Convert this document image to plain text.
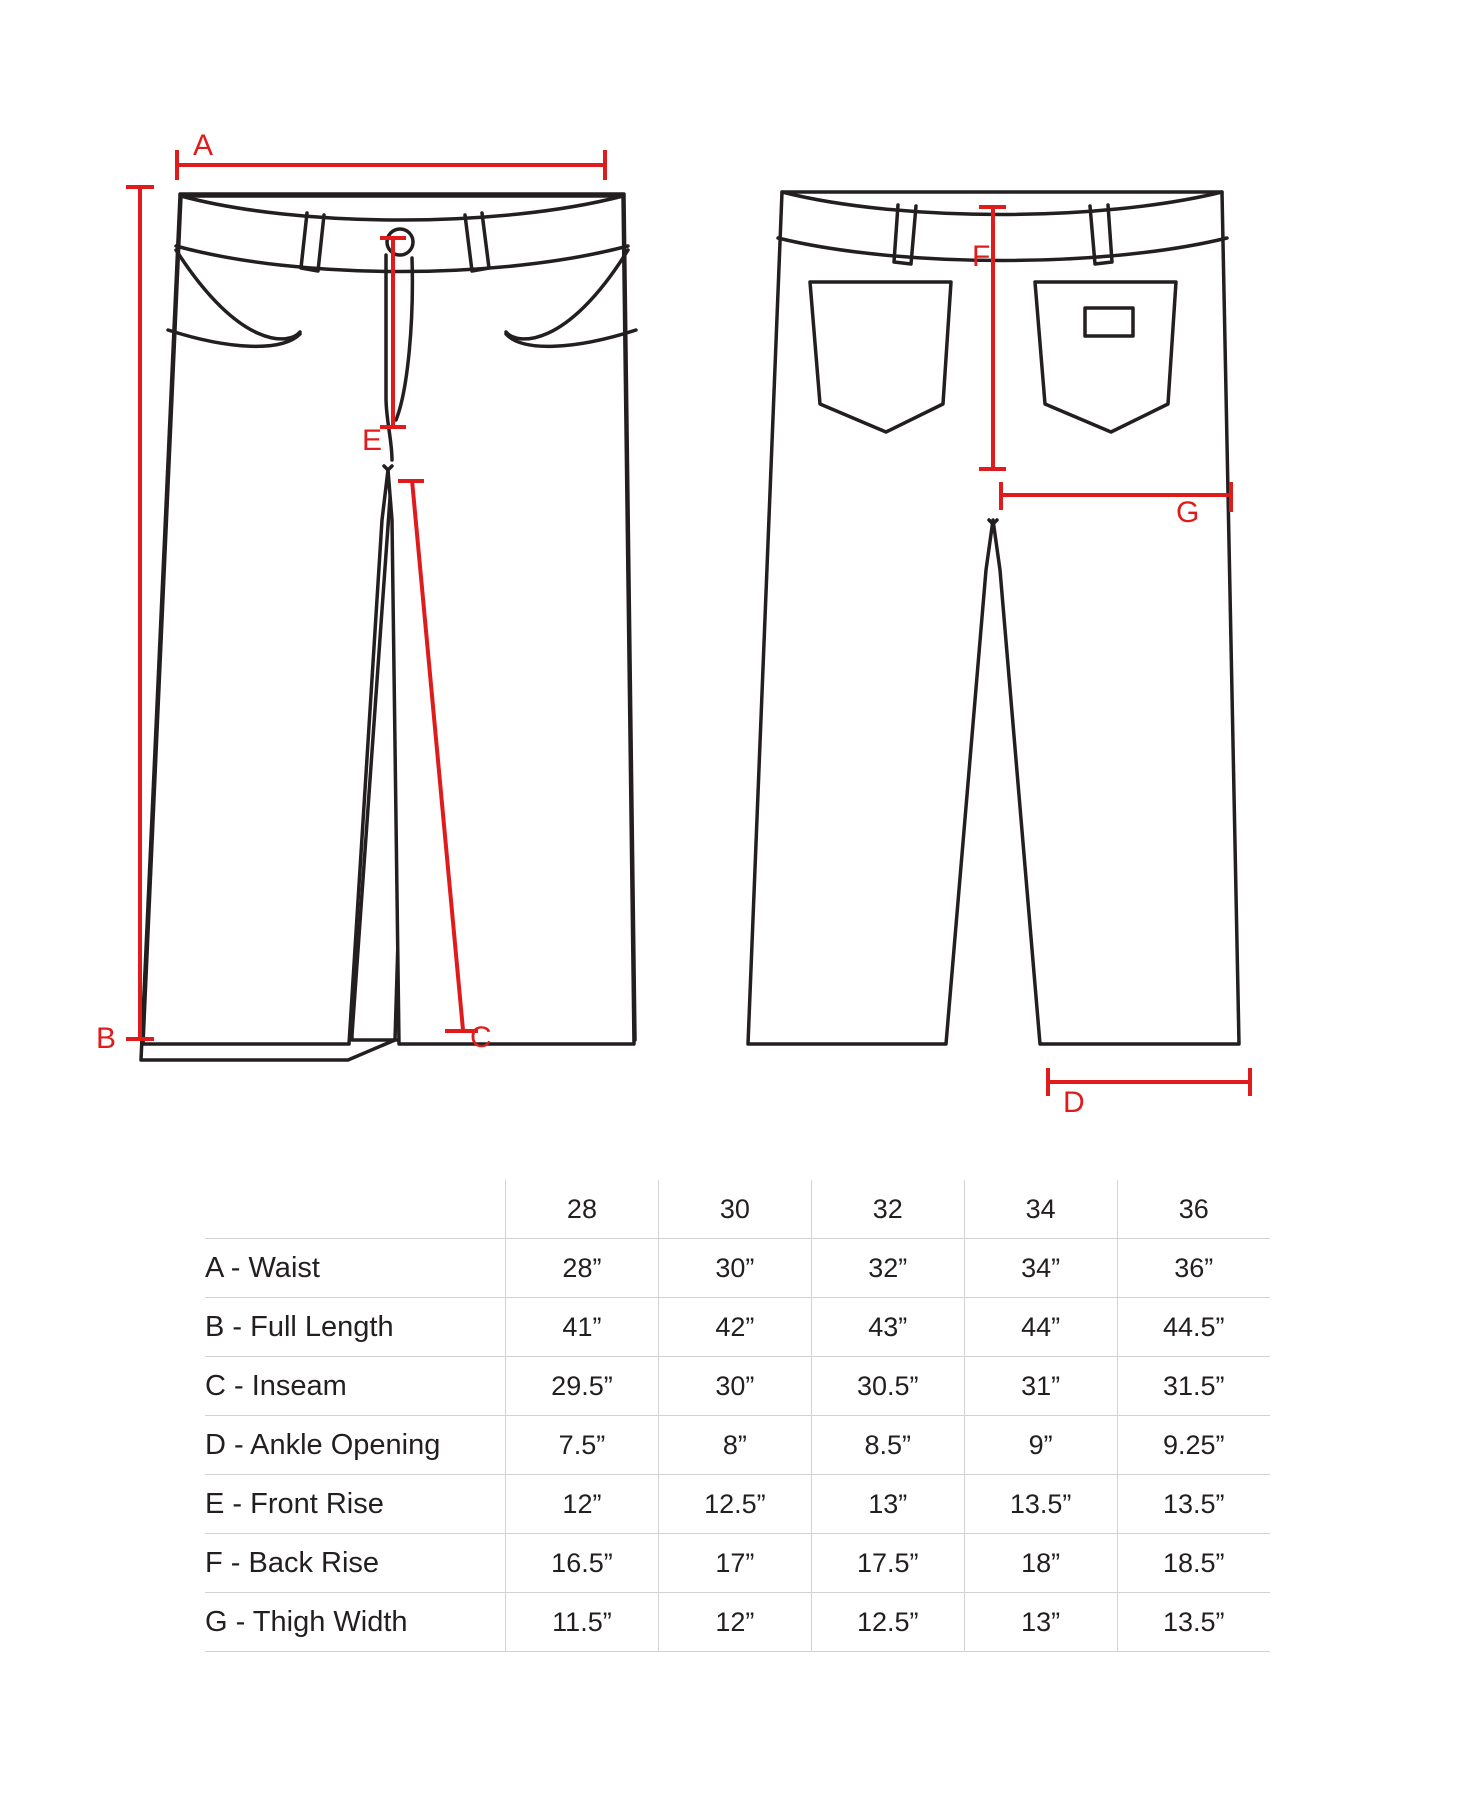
A
B	C
D
E
F
G
	28	30	32	34	36
A - Waist	28”	30”	32”	34”	36”
B - Full Length	41”	42”	43”	44”	44.5”
C - Inseam	29.5”	30”	30.5”	31”	31.5”
D - Ankle Opening	7.5”	8”	8.5”	9”	9.25”
E - Front Rise	12”	12.5”	13”	13.5”	13.5”
F - Back Rise	16.5”	17”	17.5”	18”	18.5”
G - Thigh Width	11.5”	12”	12.5”	13”	13.5”
